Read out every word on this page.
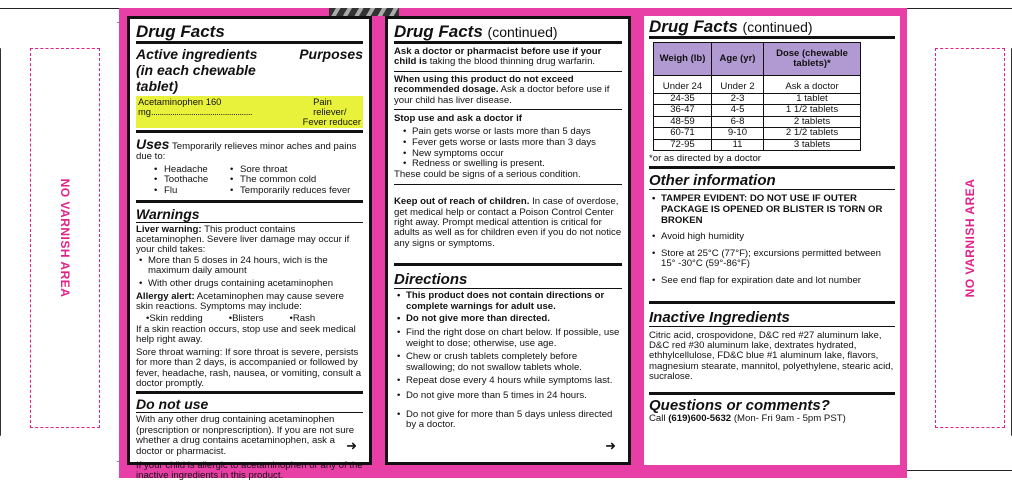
NO VARNISH AREA	NO VARNISH AREA
Drug Facts
Active ingredients
(in each chewable tablet)
Purposes
Acetaminophen 160 mg................................................
Pain reliever/
Fever reducer
Uses Temporarily relieves minor aches and pains due to:
• Headache	• Sore throat
• Toothache	• The common cold
• Flu	• Temporarily reduces fever
Warnings
Liver warning: This product contains acetaminophen. Severe liver damage may occur if your child takes:
• More than 5 doses in 24 hours, wich is the maximum daily amount
• With other drugs containing acetaminophen
Allergy alert: Acetaminophen may cause severe skin reactions. Symptoms may include:
• Skin redding	• Blisters	• Rash
If a skin reaction occurs, stop use and seek medical help right away.
Sore throat warning: If sore throat is severe, persists for more than 2 days, is accompanied or followed by fever, headache, rash, nausea, or vomiting, consult a doctor promptly.
Do not use
With any other drug containing acetaminophen (prescription or nonprescription). If you are not sure whether a drug contains acetaminophen, ask a doctor or pharmacist.
If your child is allergic to acetaminophen or any of the inactive ingredients in this product.
➜
Drug Facts (continued)
Ask a doctor or pharmacist before use if your child is taking the blood thinning drug warfarin.
When using this product do not exceed recommended dosage. Ask a doctor before use if your child has liver disease.
Stop use and ask a doctor if
• Pain gets worse or lasts more than 5 days
• Fever gets worse or lasts more than 3 days
• New symptoms occur
• Redness or swelling is present.
These could be signs of a serious condition.
Keep out of reach of children. In case of overdose, get medical help or contact a Poison Control Center right away. Prompt medical attention is critical for adults as well as for children even if you do not notice any signs or symptoms.
Directions
• This product does not contain directions or complete warnings for adult use.
• Do not give more than directed.
• Find the right dose on chart below. If possible, use weight to dose; otherwise, use age.
• Chew or crush tablets completely before swallowing; do not swallow tablets whole.
• Repeat dose every 4 hours while symptoms last.
• Do not give more than 5 times in 24 hours.
• Do not give for more than 5 days unless directed by a doctor.
➜
Drug Facts (continued)
Weigh (lb)	Age (yr)	Dose (chewable tablets)*
Under 24	Under 2	Ask a doctor
24-35	2-3	1 tablet
36-47	4-5	1 1/2 tablets
48-59	6-8	2 tablets
60-71	9-10	2 1/2 tablets
72-95	11	3 tablets
*or as directed by a doctor
Other information
• TAMPER EVIDENT: DO NOT USE IF OUTER PACKAGE IS OPENED OR BLISTER IS TORN OR BROKEN
• Avoid high humidity
• Store at 25°C (77°F); excursions permitted between 15° -30°C (59°-86°F)
• See end flap for expiration date and lot number
Inactive Ingredients
Citric acid, crospovidone, D&C red #27 aluminum lake, D&C red #30 aluminum lake, dextrates hydrated, ethhylcellulose, FD&C blue #1 aluminum lake, flavors, magnesium stearate, mannitol, polyethylene, stearic acid, sucralose.
Questions or comments?
Call (619)600-5632 (Mon- Fri 9am - 5pm PST)
